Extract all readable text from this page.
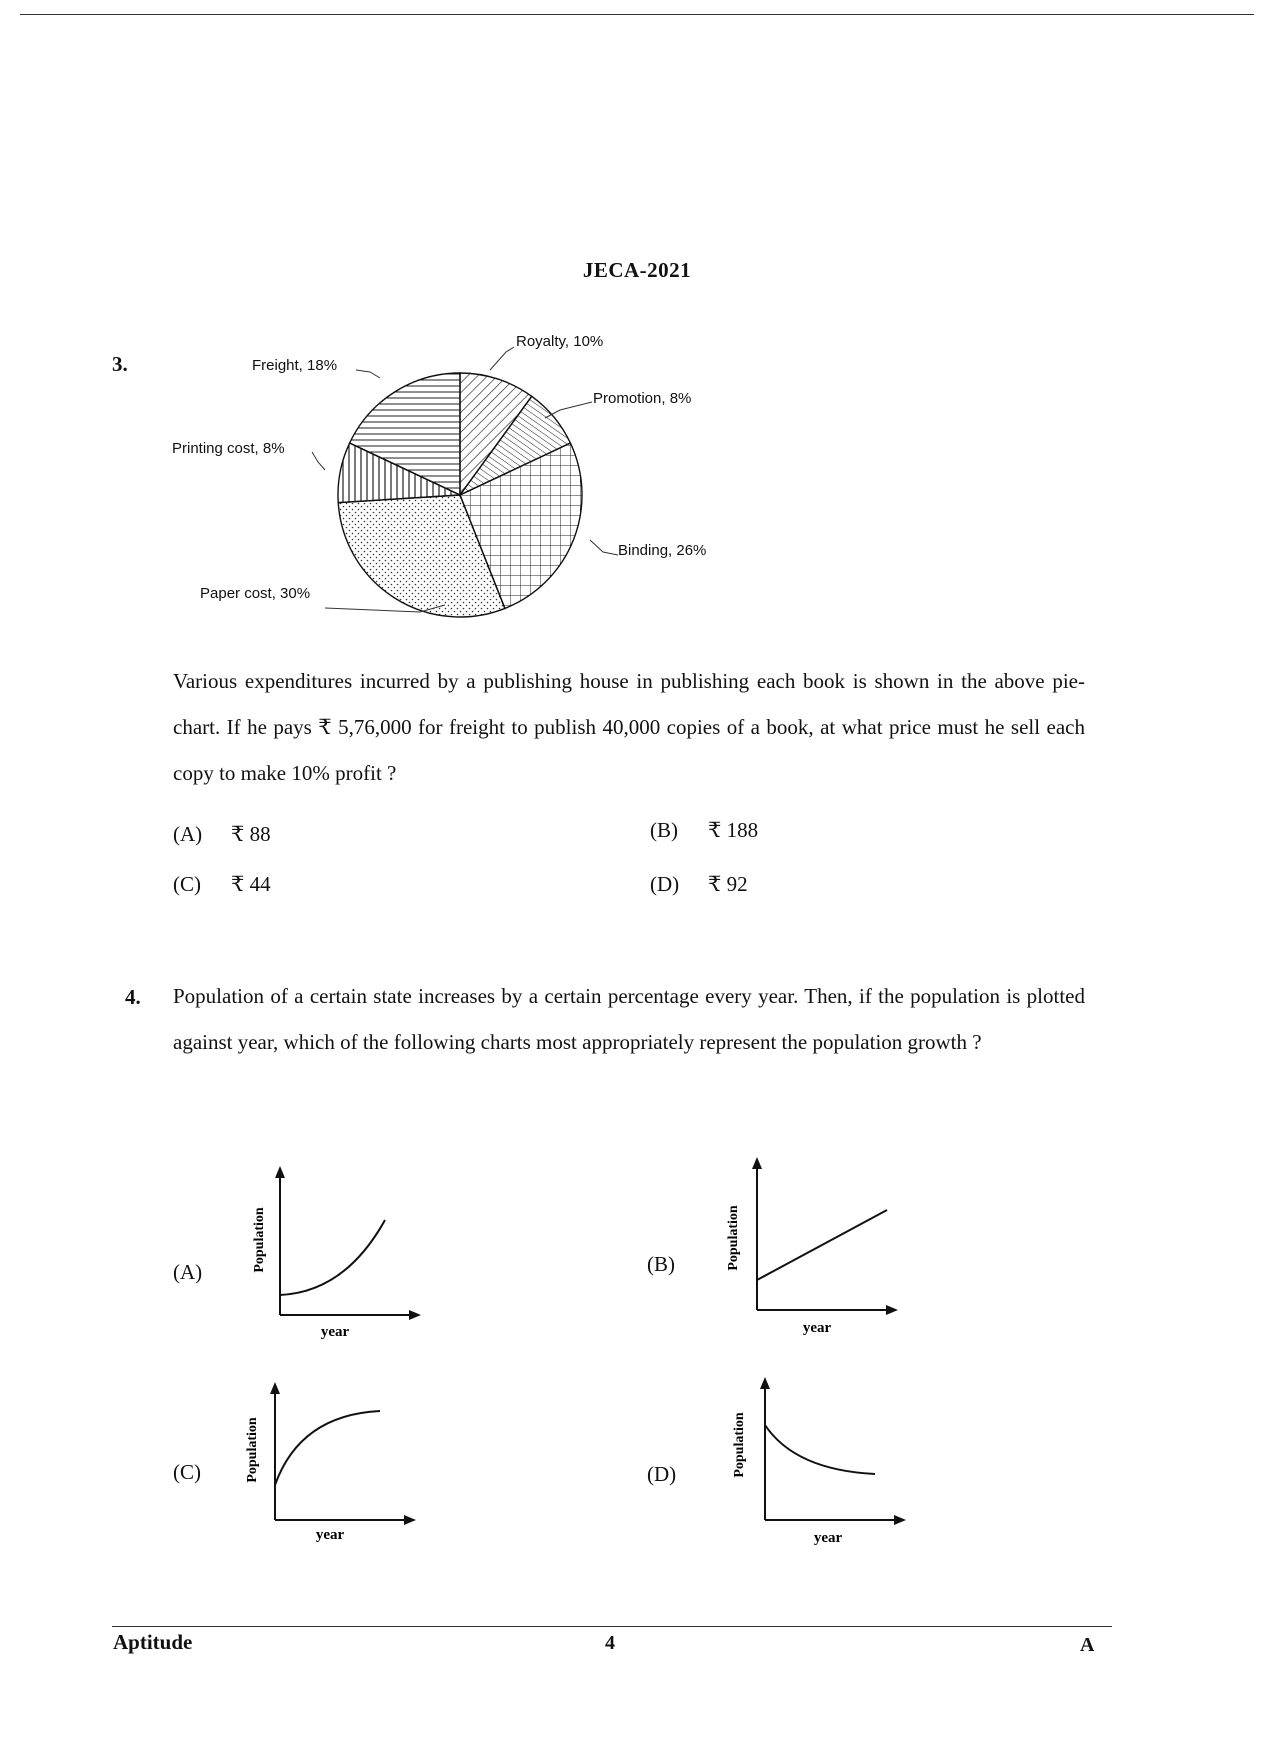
JECA-2021
3.
Royalty, 10%
Promotion, 8%
Binding, 26%
Paper cost, 30%
Printing cost, 8%
Freight, 18%
Various expenditures incurred by a publishing house in publishing each book is shown in the above pie-chart. If he pays ₹ 5,76,000 for freight to publish 40,000 copies of a book, at what price must he sell each copy to make 10% profit ?
(A) ₹ 88	(B) ₹ 188
(C) ₹ 44	(D) ₹ 92
4. Population of a certain state increases by a certain percentage every year. Then, if the population is plotted against year, which of the following charts most appropriately represent the population growth ?
(A)	Population
year
(B)	Population
year
(C)	Population
year
(D)	Population
year
Aptitude	4	A
